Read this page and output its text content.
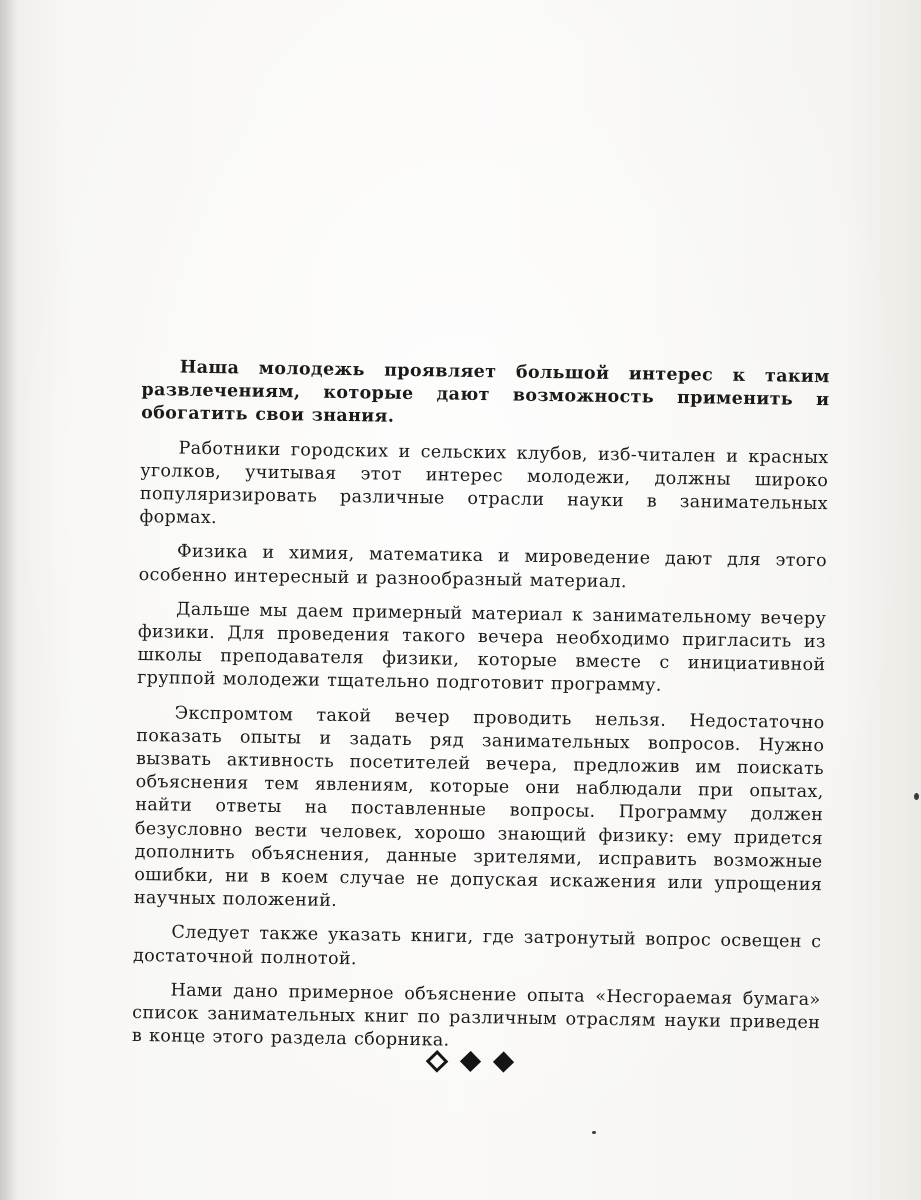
Наша молодежь проявляет большой интерес к таким развлечениям, которые дают возможность применить и обогатить свои знания.

Работники городских и сельских клубов, изб-читален и красных уголков, учитывая этот интерес молодежи, должны широко популяризировать различные отрасли науки в занимательных формах.

Физика и химия, математика и мироведение дают для этого особенно интересный и разнообразный материал.

Дальше мы даем примерный материал к занимательному вечеру физики. Для проведения такого вечера необходимо пригласить из школы преподавателя физики, которые вместе с инициативной группой молодежи тщательно подготовит программу.

Экспромтом такой вечер проводить нельзя. Недостаточно показать опыты и задать ряд занимательных вопросов. Нужно вызвать активность посетителей вечера, предложив им поискать объяснения тем явлениям, которые они наблюдали при опытах, найти ответы на поставленные вопросы. Программу должен безусловно вести человек, хорошо знающий физику: ему придется дополнить объяснения, данные зрителями, исправить возможные ошибки, ни в коем случае не допуская искажения или упрощения научных положений.

Следует также указать книги, где затронутый вопрос освещен с достаточной полнотой.

Нами дано примерное объяснение опыта «Несгораемая бумага» список занимательных книг по различным отраслям науки приведен в конце этого раздела сборника.
